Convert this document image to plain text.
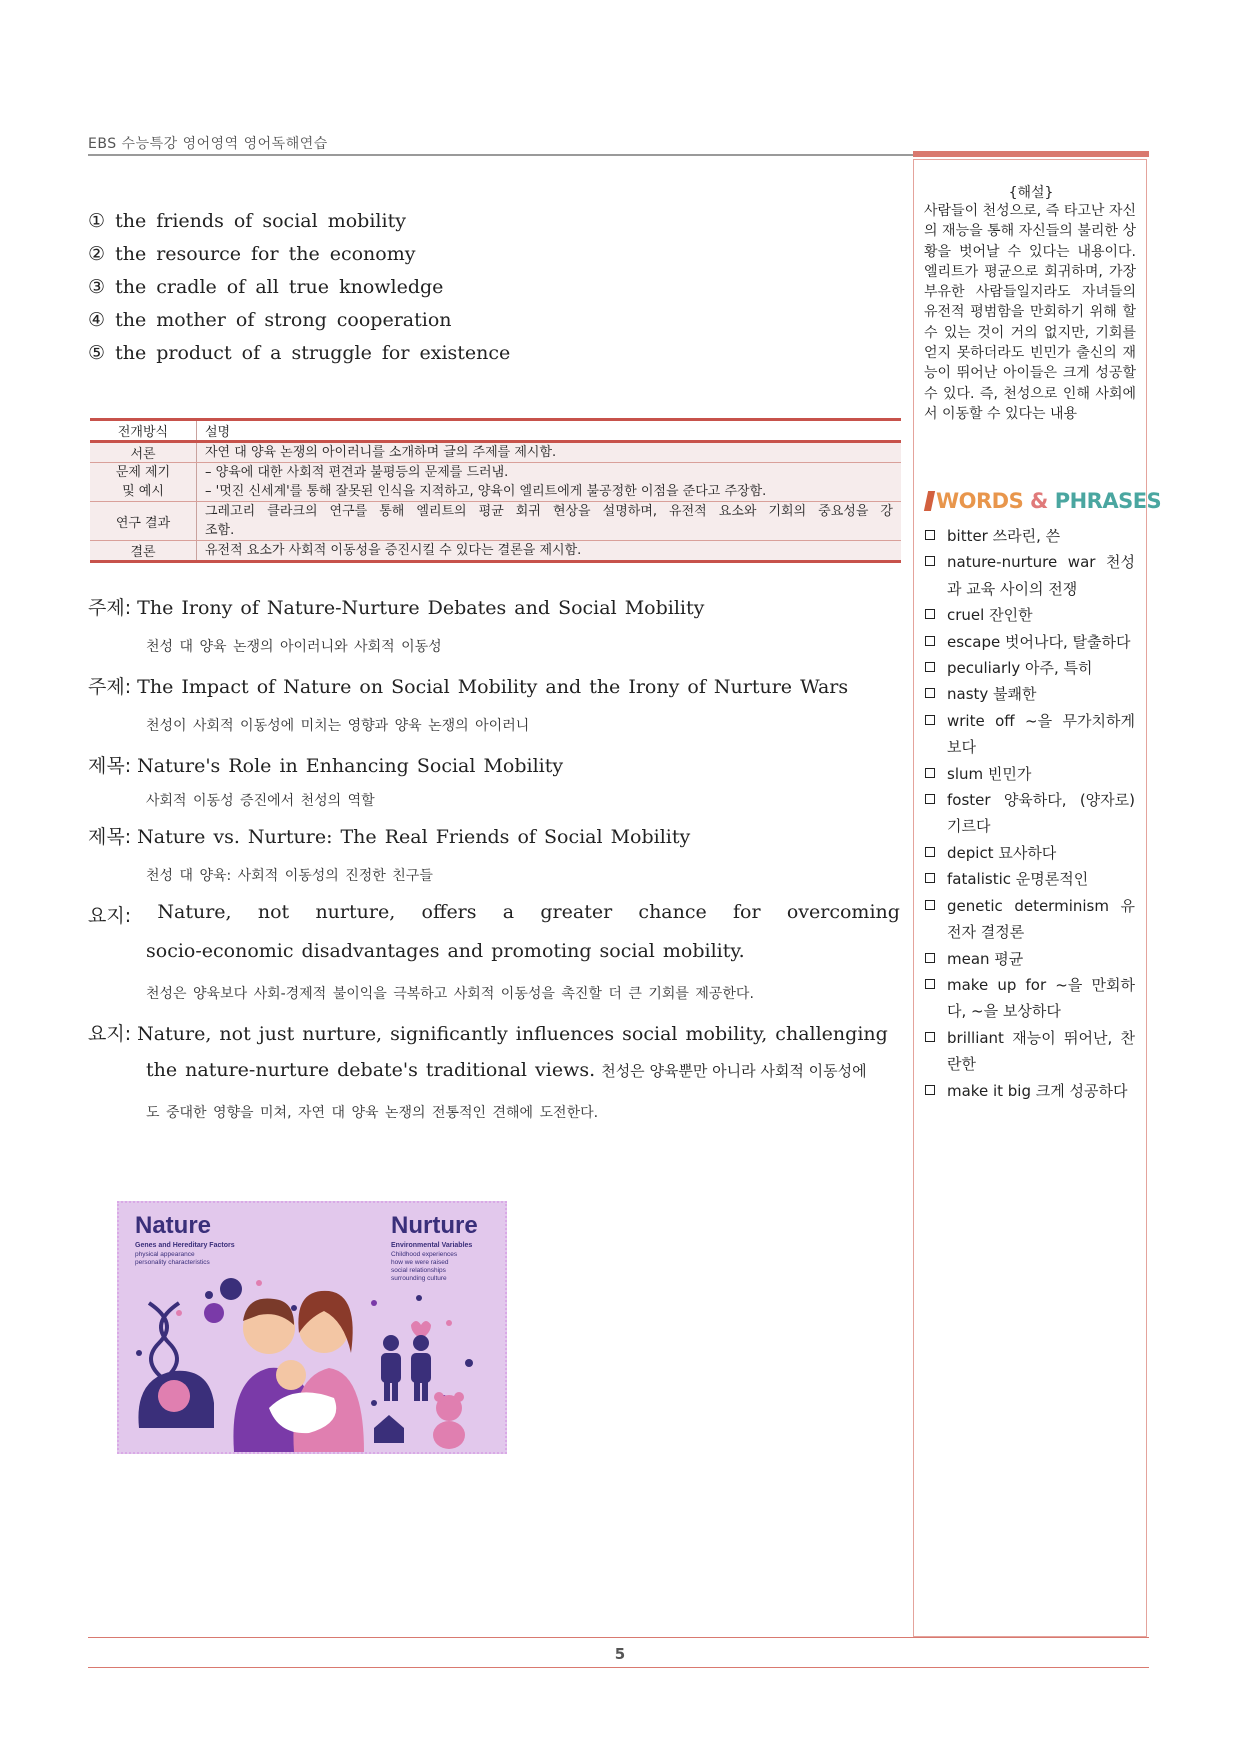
EBS 수능특강 영어영역 영어독해연습
① the friends of social mobility
② the resource for the economy
③ the cradle of all true knowledge
④ the mother of strong cooperation
⑤ the product of a struggle for existence
전개방식	설명
서론	자연 대 양육 논쟁의 아이러니를 소개하며 글의 주제를 제시함.

문제 제기
및 예시	– 양육에 대한 사회적 편견과 불평등의 문제를 드러냄.
– '멋진 신세계'를 통해 잘못된 인식을 지적하고, 양육이 엘리트에게 불공정한 이점을 준다고 주장함.

연구 결과	그레고리 클라크의 연구를 통해 엘리트의 평균 회귀 현상을 설명하며, 유전적 요소와 기회의 중요성을 강
조함.

결론	유전적 요소가 사회적 이동성을 증진시킬 수 있다는 결론을 제시함.
주제: The Irony of Nature-Nurture Debates and Social Mobility
천성 대 양육 논쟁의 아이러니와 사회적 이동성
주제: The Impact of Nature on Social Mobility and the Irony of Nurture Wars
천성이 사회적 이동성에 미치는 영향과 양육 논쟁의 아이러니
제목: Nature's Role in Enhancing Social Mobility
사회적 이동성 증진에서 천성의 역할
제목: Nature vs. Nurture: The Real Friends of Social Mobility
천성 대 양육: 사회적 이동성의 진정한 친구들
요지: Nature, not nurture, offers a greater chance for overcoming
socio-economic disadvantages and promoting social mobility.
천성은 양육보다 사회-경제적 불이익을 극복하고 사회적 이동성을 촉진할 더 큰 기회를 제공한다.
요지: Nature, not just nurture, significantly influences social mobility, challenging
the nature-nurture debate's traditional views. 천성은 양육뿐만 아니라 사회적 이동성에
도 중대한 영향을 미쳐, 자연 대 양육 논쟁의 전통적인 견해에 도전한다.
Nature
Genes and Hereditary Factors
physical appearance
personality characteristics
Nurture
Environmental Variables
Childhood experiences
how we were raised
social relationships
surrounding culture
{해설}
사람들이 천성으로, 즉 타고난 자신의 재능을 통해 자신들의 불리한 상황을 벗어날 수 있다는 내용이다. 엘리트가 평균으로 회귀하며, 가장 부유한 사람들일지라도 자녀들의 유전적 평범함을 만회하기 위해 할 수 있는 것이 거의 없지만, 기회를 얻지 못하더라도 빈민가 출신의 재능이 뛰어난 아이들은 크게 성공할 수 있다. 즉, 천성으로 인해 사회에서 이동할 수 있다는 내용
WORDS & PHRASES
bitter 쓰라린, 쓴
nature-nurture war 천성과 교육 사이의 전쟁
cruel 잔인한
escape 벗어나다, 탈출하다
peculiarly 아주, 특히
nasty 불쾌한
write off ~을 무가치하게 보다
slum 빈민가
foster 양육하다, (양자로) 기르다
depict 묘사하다
fatalistic 운명론적인
genetic determinism 유전자 결정론
mean 평균
make up for ~을 만회하다, ~을 보상하다
brilliant 재능이 뛰어난, 찬란한
make it big 크게 성공하다
5
